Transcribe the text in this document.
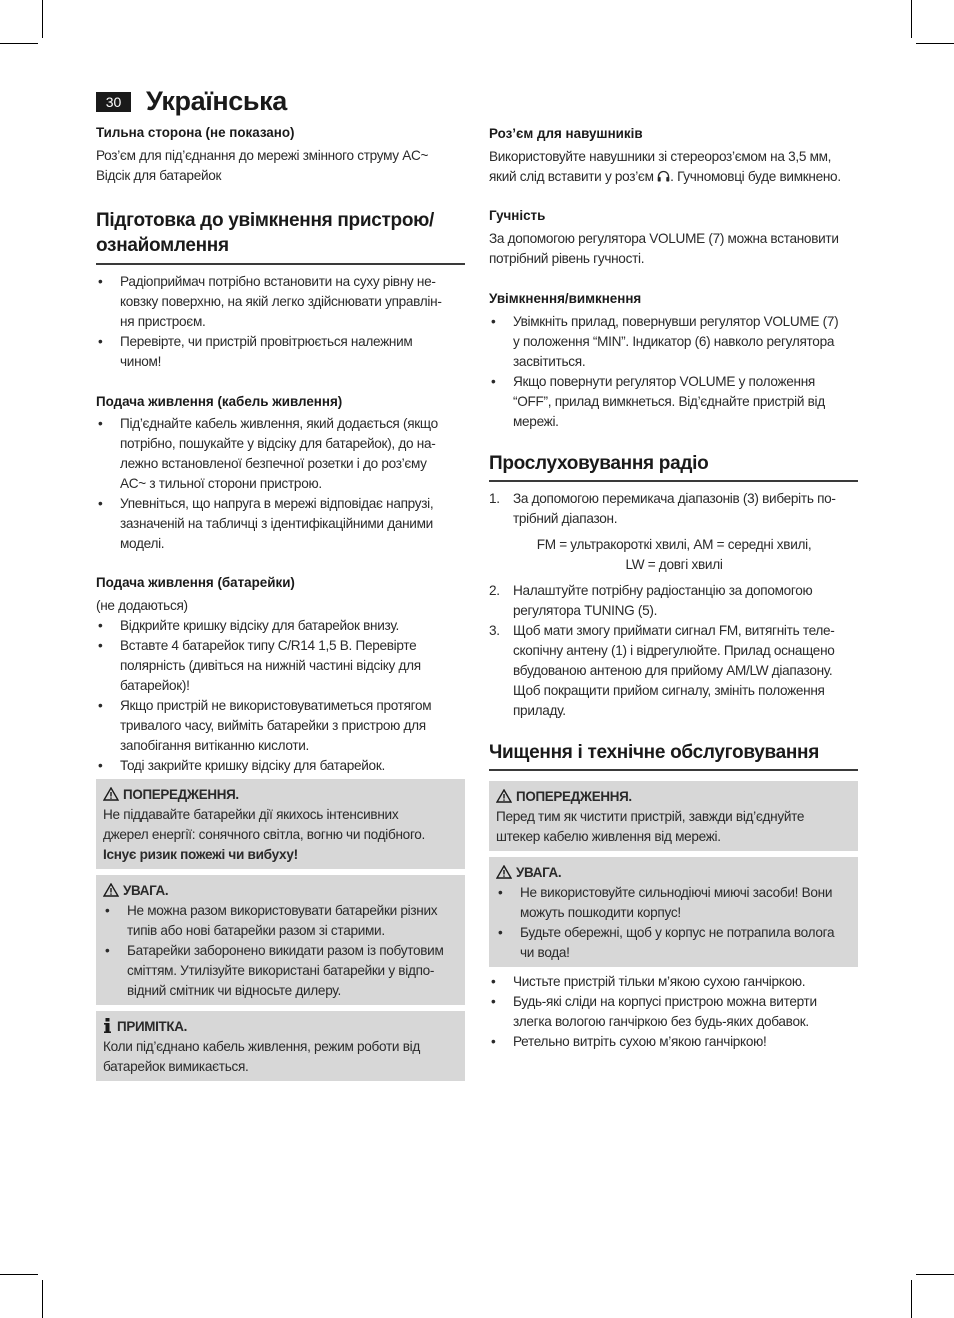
30 Українська
Тильна сторона (не показано)
Роз’єм для під’єднання до мережі змінного струму AC~
Відсік для батарейок
Підготовка до увімкнення пристрою/
ознайомлення
• Радіоприймач потрібно встановити на суху рівну не-
ковзку поверхню, на якій легко здійснювати управлін-
ня пристроєм.
• Перевірте, чи пристрій провітрюється належним
чином!
Подача живлення (кабель живлення)
• Під’єднайте кабель живлення, який додається (якщо
потрібно, пошукайте у відсіку для батарейок), до на-
лежно встановленої безпечної розетки і до роз’єму
AC~ з тильної сторони пристрою.
• Упевніться, що напруга в мережі відповідає напрузі,
зазначеній на табличці з ідентифікаційними даними
моделі.
Подача живлення (батарейки)
(не додаються)
• Відкрийте кришку відсіку для батарейок внизу.
• Вставте 4 батарейок типу C/R14 1,5 В. Перевірте
полярність (дивіться на нижній частині відсіку для
батарейок)!
• Якщо пристрій не використовуватиметься протягом
тривалого часу, вийміть батарейки з пристрою для
запобігання витіканню кислоти.
• Тоді закрийте кришку відсіку для батарейок.
ПОПЕРЕДЖЕННЯ.
Не піддавайте батарейки дії якихось інтенсивних
джерел енергії: сонячного світла, вогню чи подібного.
Існує ризик пожежі чи вибуху!
УВАГА.
• Не можна разом використовувати батарейки різних
типів або нові батарейки разом зі старими.
• Батарейки заборонено викидати разом із побутовим
сміттям. Утилізуйте використані батарейки у відпо-
відний смітник чи відносьте дилеру.
ПРИМІТКА.
Коли під’єднано кабель живлення, режим роботи від
батарейок вимикається.
Роз’єм для навушників
Використовуйте навушники зі стереороз’ємом на 3,5 мм,
який слід вставити у роз’єм . Гучномовці буде вимкнено.
Гучність
За допомогою регулятора VOLUME (7) можна встановити
потрібний рівень гучності.
Увімкнення/вимкнення
• Увімкніть прилад, повернувши регулятор VOLUME (7)
у положення “MIN”. Індикатор (6) навколо регулятора
засвітиться.
• Якщо повернути регулятор VOLUME у положення
“OFF”, прилад вимкнеться. Від’єднайте пристрій від
мережі.
Прослуховування радіо
1. За допомогою перемикача діапазонів (3) виберіть по-
трібний діапазон.
FM = ультракороткі хвилі, AM = середні хвилі,
LW = довгі хвилі
2. Налаштуйте потрібну радіостанцію за допомогою
регулятора TUNING (5).
3. Щоб мати змогу приймати сигнал FM, витягніть теле-
скопічну антену (1) і відрегулюйте. Прилад оснащено
вбудованою антеною для прийому AM/LW діапазону.
Щоб покращити прийом сигналу, змініть положення
приладу.
Чищення і технічне обслуговування
ПОПЕРЕДЖЕННЯ.
Перед тим як чистити пристрій, завжди від’єднуйте
штекер кабелю живлення від мережі.
УВАГА.
• Не використовуйте сильнодіючі миючі засоби! Вони
можуть пошкодити корпус!
• Будьте обережні, щоб у корпус не потрапила волога
чи вода!
• Чистьте пристрій тільки м’якою сухою ганчіркою.
• Будь-які сліди на корпусі пристрою можна витерти
злегка вологою ганчіркою без будь-яких добавок.
• Ретельно витріть сухою м’якою ганчіркою!
